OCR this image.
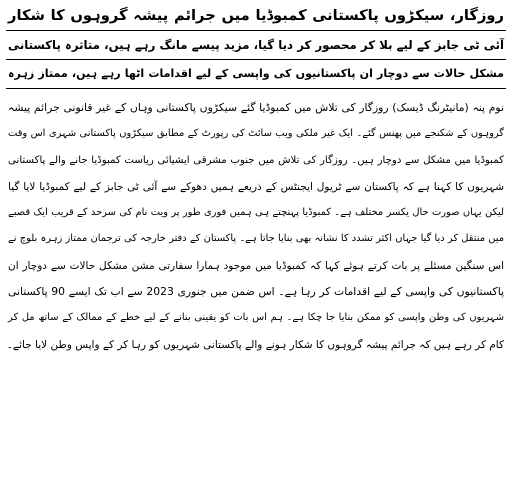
روزگار، سیکڑوں پاکستانی کمبوڈیا میں جرائم پیشہ گروہوں کا شکار
آئی ٹی جابز کے لیے بلا کر محصور کر دیا گیا، مزید پیسے مانگ رہے ہیں، متاثرہ پاکستانی
مشکل حالات سے دوچار ان پاکستانیوں کی واپسی کے لیے اقدامات اٹھا رہے ہیں، ممتاز زہرہ
نوم پنہ (مانیٹرنگ ڈیسک) روزگار کی تلاش میں کمبوڈیا گئے سیکڑوں پاکستانی وہاں کے غیر قانونی جرائم پیشہ
گروہوں کے شکنجے میں پھنس گئے۔ ایک غیر ملکی ویب سائٹ کی رپورٹ کے مطابق سیکڑوں پاکستانی شہری اس وقت
کمبوڈیا میں مشکل سے دوچار ہیں۔ روزگار کی تلاش میں جنوب مشرقی ایشیائی ریاست کمبوڈیا جانے والے پاکستانی
شہریوں کا کہنا ہے کہ پاکستان سے ٹریول ایجنٹس کے ذریعے ہمیں دھوکے سے آئی ٹی جابز کے لیے کمبوڈیا لایا گیا
لیکن یہاں صورت حال یکسر مختلف ہے۔ کمبوڈیا پہنچتے ہی ہمیں فوری طور پر ویت نام کی سرحد کے قریب ایک قصبے
میں منتقل کر دیا گیا جہاں اکثر تشدد کا نشانہ بھی بنایا جاتا ہے۔ پاکستان کے دفتر خارجہ کی ترجمان ممتاز زہرہ بلوچ نے
اس سنگین مسئلے پر بات کرتے ہوئے کہا کہ کمبوڈیا میں موجود ہمارا سفارتی مشن مشکل حالات سے دوچار ان
پاکستانیوں کی واپسی کے لیے اقدامات کر رہا ہے۔ اس ضمن میں جنوری 2023 سے اب تک ایسے 90 پاکستانی
شہریوں کی وطن واپسی کو ممکن بنایا جا چکا ہے۔ ہم اس بات کو یقینی بنانے کے لیے خطے کے ممالک کے ساتھ مل کر
کام کر رہے ہیں کہ جرائم پیشہ گروہوں کا شکار ہونے والے پاکستانی شہریوں کو رہا کر کے واپس وطن لایا جائے۔
